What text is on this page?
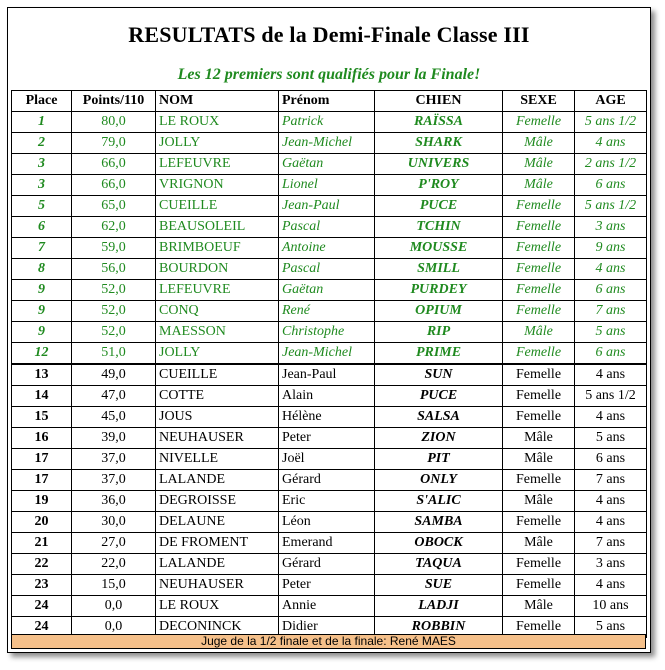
RESULTATS de la Demi-Finale Classe III
Les 12 premiers sont qualifiés pour la Finale!
Place	Points/110	NOM	Prénom	CHIEN	SEXE	AGE
1	80,0	LE ROUX	Patrick	RAÏSSA	Femelle	5 ans 1/2
2	79,0	JOLLY	Jean-Michel	SHARK	Mâle	4 ans
3	66,0	LEFEUVRE	Gaëtan	UNIVERS	Mâle	2 ans 1/2
3	66,0	VRIGNON	Lionel	P'ROY	Mâle	6 ans
5	65,0	CUEILLE	Jean-Paul	PUCE	Femelle	5 ans 1/2
6	62,0	BEAUSOLEIL	Pascal	TCHIN	Femelle	3 ans
7	59,0	BRIMBOEUF	Antoine	MOUSSE	Femelle	9 ans
8	56,0	BOURDON	Pascal	SMILL	Femelle	4 ans
9	52,0	LEFEUVRE	Gaëtan	PURDEY	Femelle	6 ans
9	52,0	CONQ	René	OPIUM	Femelle	7 ans
9	52,0	MAESSON	Christophe	RIP	Mâle	5 ans
12	51,0	JOLLY	Jean-Michel	PRIME	Femelle	6 ans
13	49,0	CUEILLE	Jean-Paul	SUN	Femelle	4 ans
14	47,0	COTTE	Alain	PUCE	Femelle	5 ans 1/2
15	45,0	JOUS	Hélène	SALSA	Femelle	4 ans
16	39,0	NEUHAUSER	Peter	ZION	Mâle	5 ans
17	37,0	NIVELLE	Joël	PIT	Mâle	6 ans
17	37,0	LALANDE	Gérard	ONLY	Femelle	7 ans
19	36,0	DEGROISSE	Eric	S'ALIC	Mâle	4 ans
20	30,0	DELAUNE	Léon	SAMBA	Femelle	4 ans
21	27,0	DE FROMENT	Emerand	OBOCK	Mâle	7 ans
22	22,0	LALANDE	Gérard	TAQUA	Femelle	3 ans
23	15,0	NEUHAUSER	Peter	SUE	Femelle	4 ans
24	0,0	LE ROUX	Annie	LADJI	Mâle	10 ans
24	0,0	DECONINCK	Didier	ROBBIN	Femelle	5 ans
Juge de la 1/2 finale et de la finale: René MAES
